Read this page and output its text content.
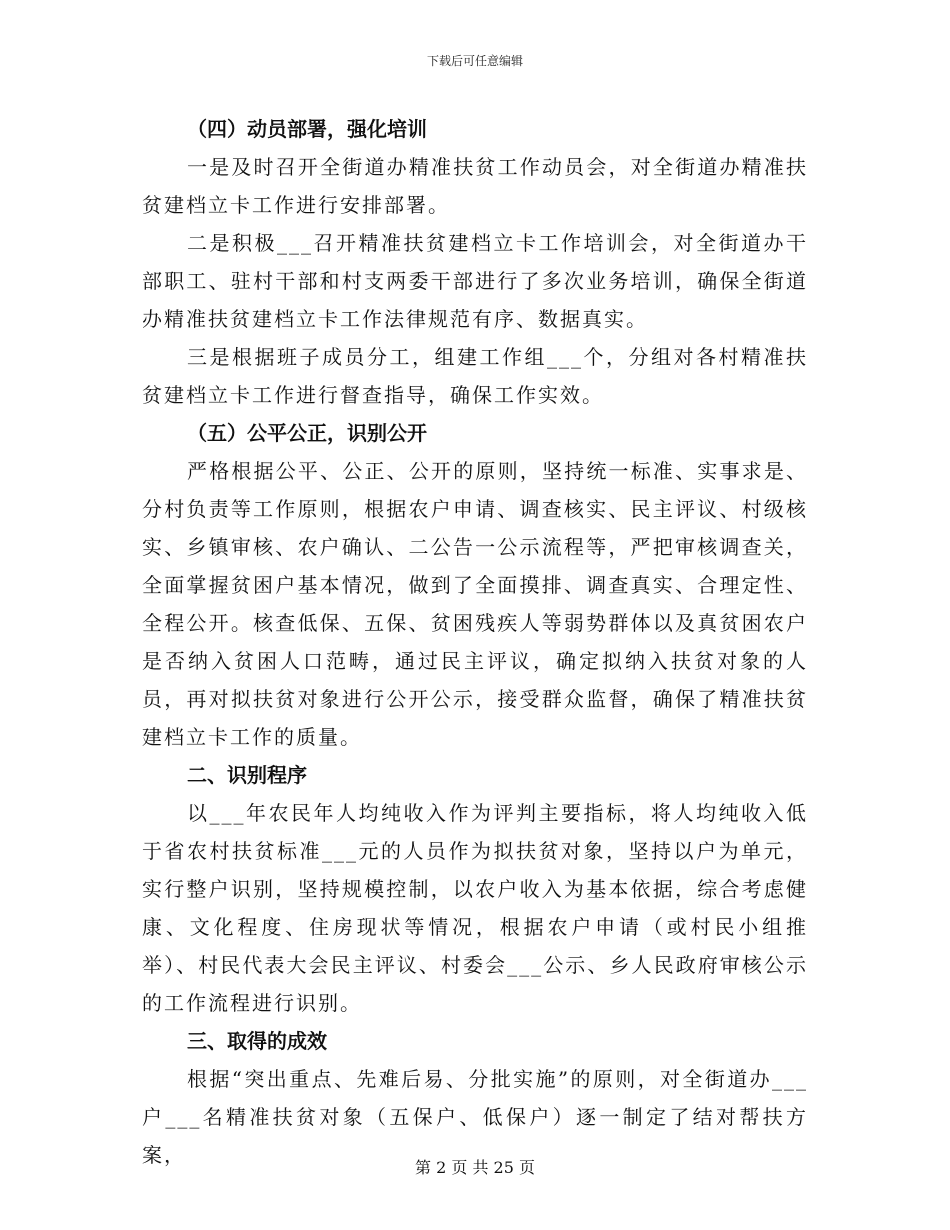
下载后可任意编辑

（四）动员部署，强化培训

一是及时召开全街道办精准扶贫工作动员会，对全街道办精准扶贫建档立卡工作进行安排部署。

二是积极___召开精准扶贫建档立卡工作培训会，对全街道办干部职工、驻村干部和村支两委干部进行了多次业务培训，确保全街道办精准扶贫建档立卡工作法律规范有序、数据真实。

三是根据班子成员分工，组建工作组___个，分组对各村精准扶贫建档立卡工作进行督查指导，确保工作实效。

（五）公平公正，识别公开

严格根据公平、公正、公开的原则，坚持统一标准、实事求是、分村负责等工作原则，根据农户申请、调查核实、民主评议、村级核实、乡镇审核、农户确认、二公告一公示流程等，严把审核调查关，全面掌握贫困户基本情况，做到了全面摸排、调查真实、合理定性、全程公开。核查低保、五保、贫困残疾人等弱势群体以及真贫困农户是否纳入贫困人口范畴，通过民主评议，确定拟纳入扶贫对象的人员，再对拟扶贫对象进行公开公示，接受群众监督，确保了精准扶贫建档立卡工作的质量。

二、识别程序

以___年农民年人均纯收入作为评判主要指标，将人均纯收入低于省农村扶贫标准___元的人员作为拟扶贫对象，坚持以户为单元，实行整户识别，坚持规模控制，以农户收入为基本依据，综合考虑健康、文化程度、住房现状等情况，根据农户申请（或村民小组推举）、村民代表大会民主评议、村委会___公示、乡人民政府审核公示的工作流程进行识别。

三、取得的成效

根据“突出重点、先难后易、分批实施”的原则，对全街道办___户___名精准扶贫对象（五保户、低保户）逐一制定了结对帮扶方案，

第 2 页 共 25 页
